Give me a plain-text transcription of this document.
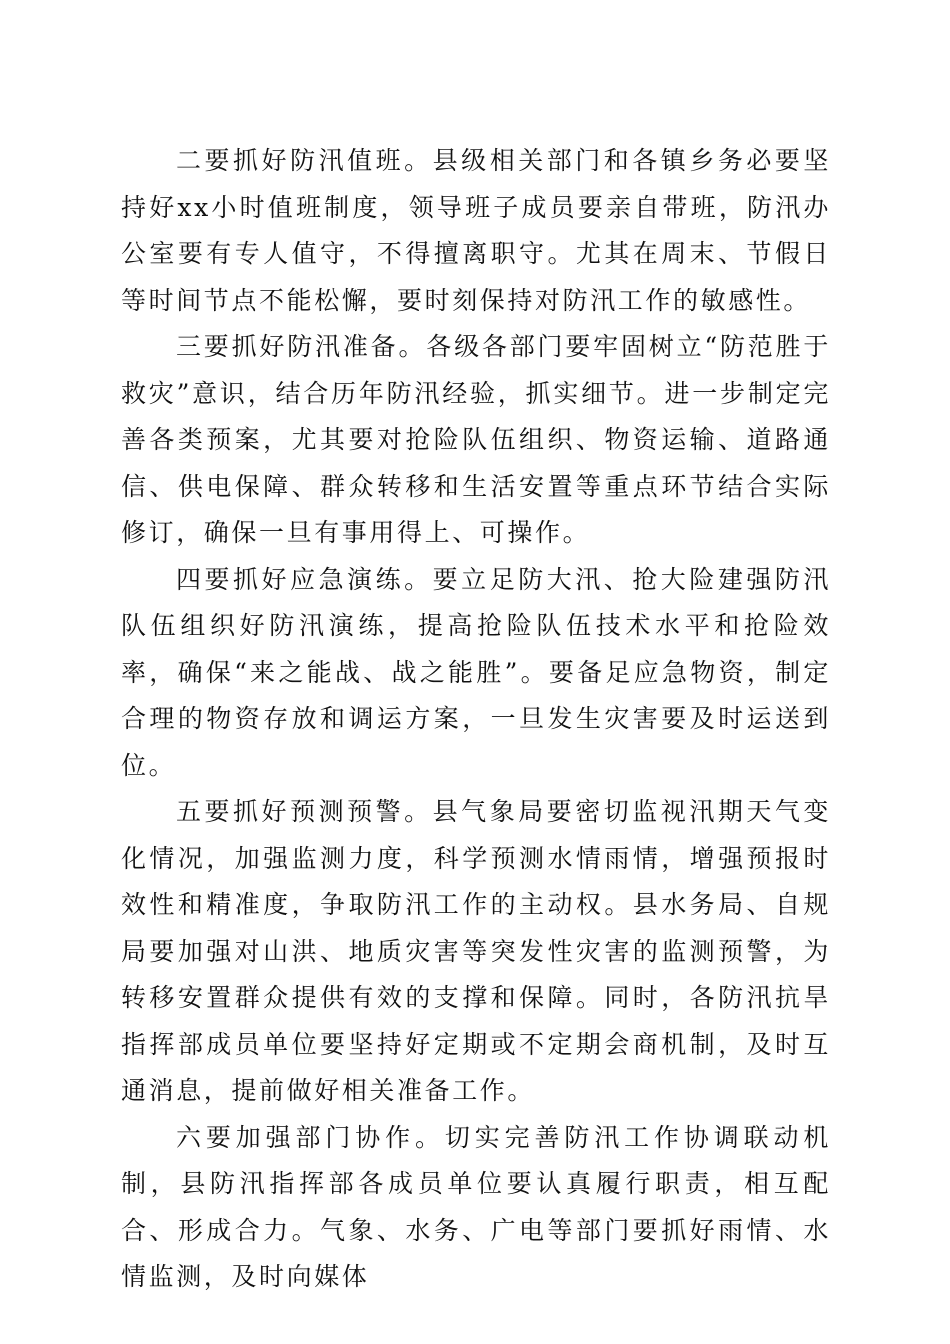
二要抓好防汛值班。县级相关部门和各镇乡务必要坚持好xx小时值班制度，领导班子成员要亲自带班，防汛办公室要有专人值守，不得擅离职守。尤其在周末、节假日等时间节点不能松懈，要时刻保持对防汛工作的敏感性。

三要抓好防汛准备。各级各部门要牢固树立“防范胜于救灾”意识，结合历年防汛经验，抓实细节。进一步制定完善各类预案，尤其要对抢险队伍组织、物资运输、道路通信、供电保障、群众转移和生活安置等重点环节结合实际修订，确保一旦有事用得上、可操作。

四要抓好应急演练。要立足防大汛、抢大险建强防汛队伍组织好防汛演练，提高抢险队伍技术水平和抢险效率，确保“来之能战、战之能胜”。要备足应急物资，制定合理的物资存放和调运方案，一旦发生灾害要及时运送到位。

五要抓好预测预警。县气象局要密切监视汛期天气变化情况，加强监测力度，科学预测水情雨情，增强预报时效性和精准度，争取防汛工作的主动权。县水务局、自规局要加强对山洪、地质灾害等突发性灾害的监测预警，为转移安置群众提供有效的支撑和保障。同时，各防汛抗旱指挥部成员单位要坚持好定期或不定期会商机制，及时互通消息，提前做好相关准备工作。

六要加强部门协作。切实完善防汛工作协调联动机制，县防汛指挥部各成员单位要认真履行职责，相互配合、形成合力。气象、水务、广电等部门要抓好雨情、水情监测，及时向媒体
